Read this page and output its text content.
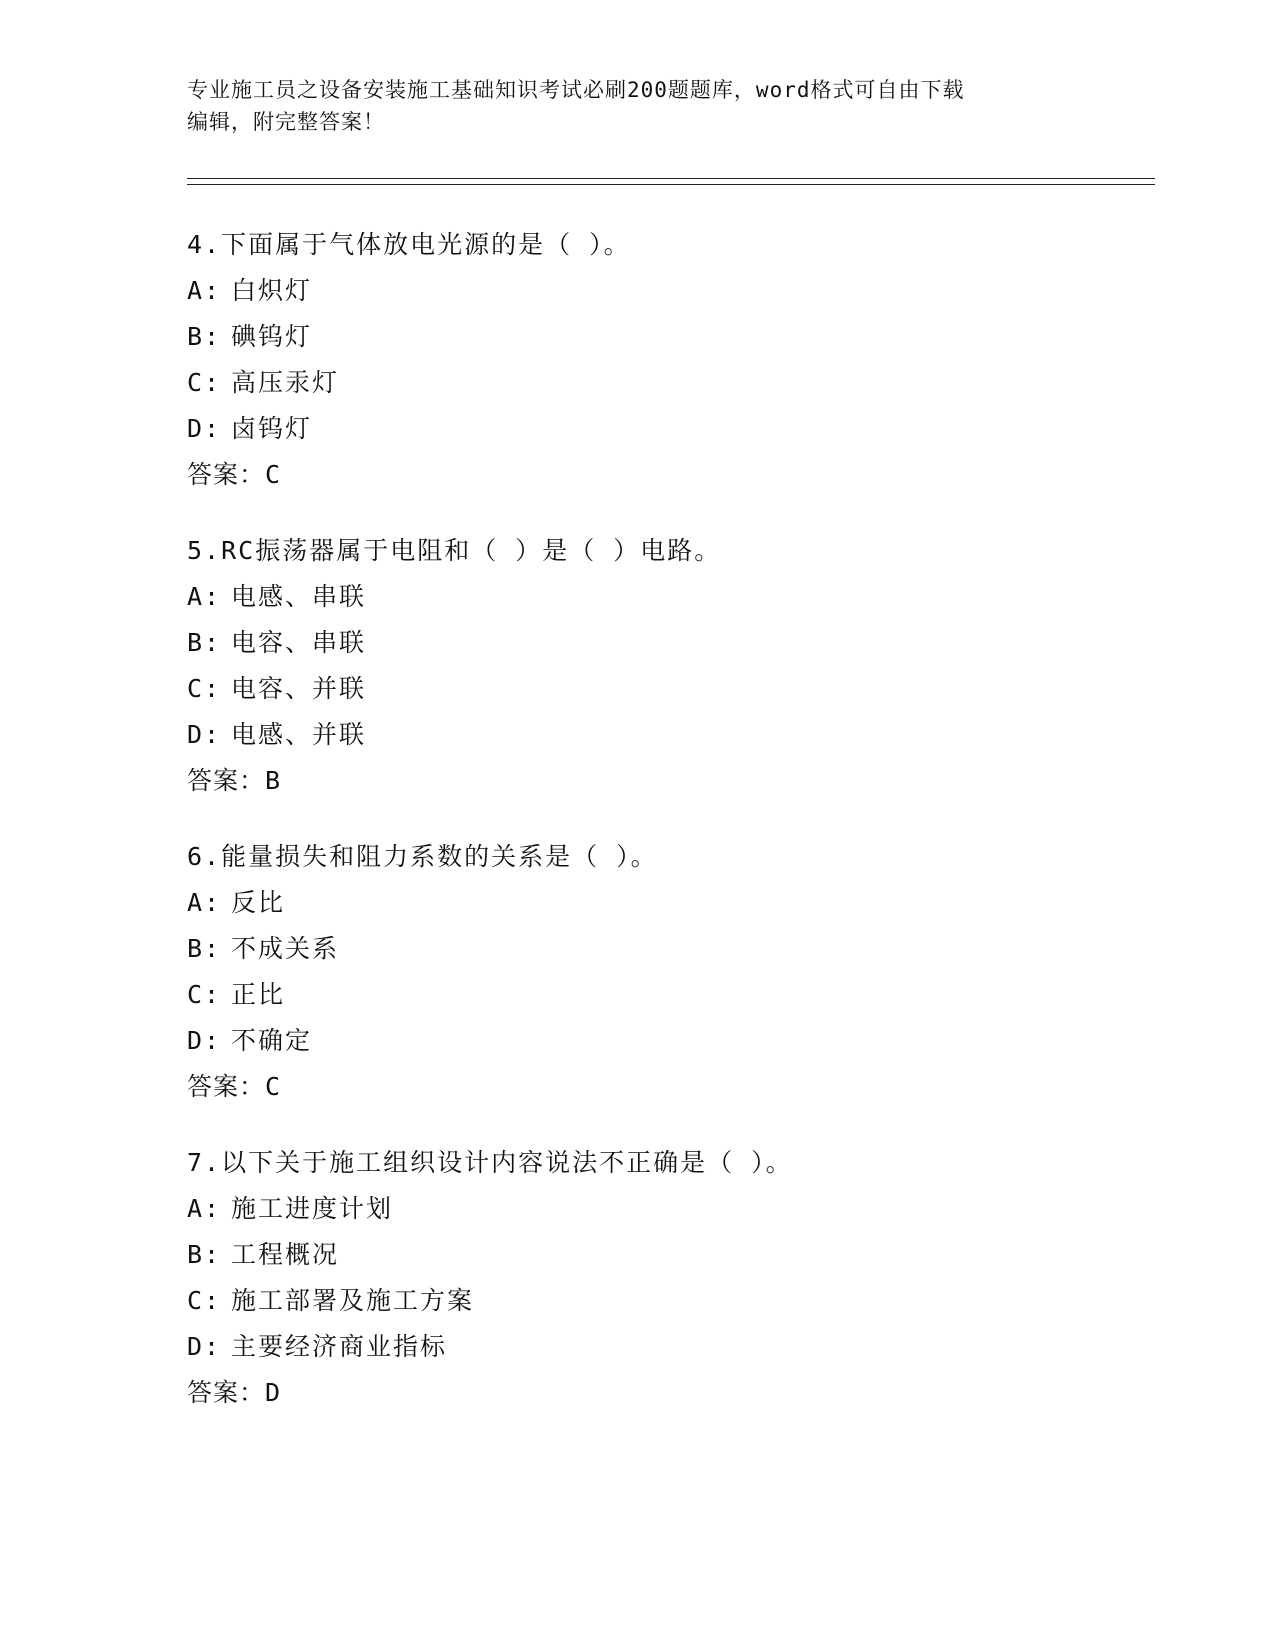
专业施工员之设备安装施工基础知识考试必刷200题题库，word格式可自由下载
编辑，附完整答案！
4.下面属于气体放电光源的是（ ）。
A: 白炽灯
B: 碘钨灯
C: 高压汞灯
D: 卤钨灯
答案：C
5.RC振荡器属于电阻和（ ）是（ ）电路。
A: 电感、串联
B: 电容、串联
C: 电容、并联
D: 电感、并联
答案：B
6.能量损失和阻力系数的关系是（ ）。
A: 反比
B: 不成关系
C: 正比
D: 不确定
答案：C
7.以下关于施工组织设计内容说法不正确是（ ）。
A: 施工进度计划
B: 工程概况
C: 施工部署及施工方案
D: 主要经济商业指标
答案：D
